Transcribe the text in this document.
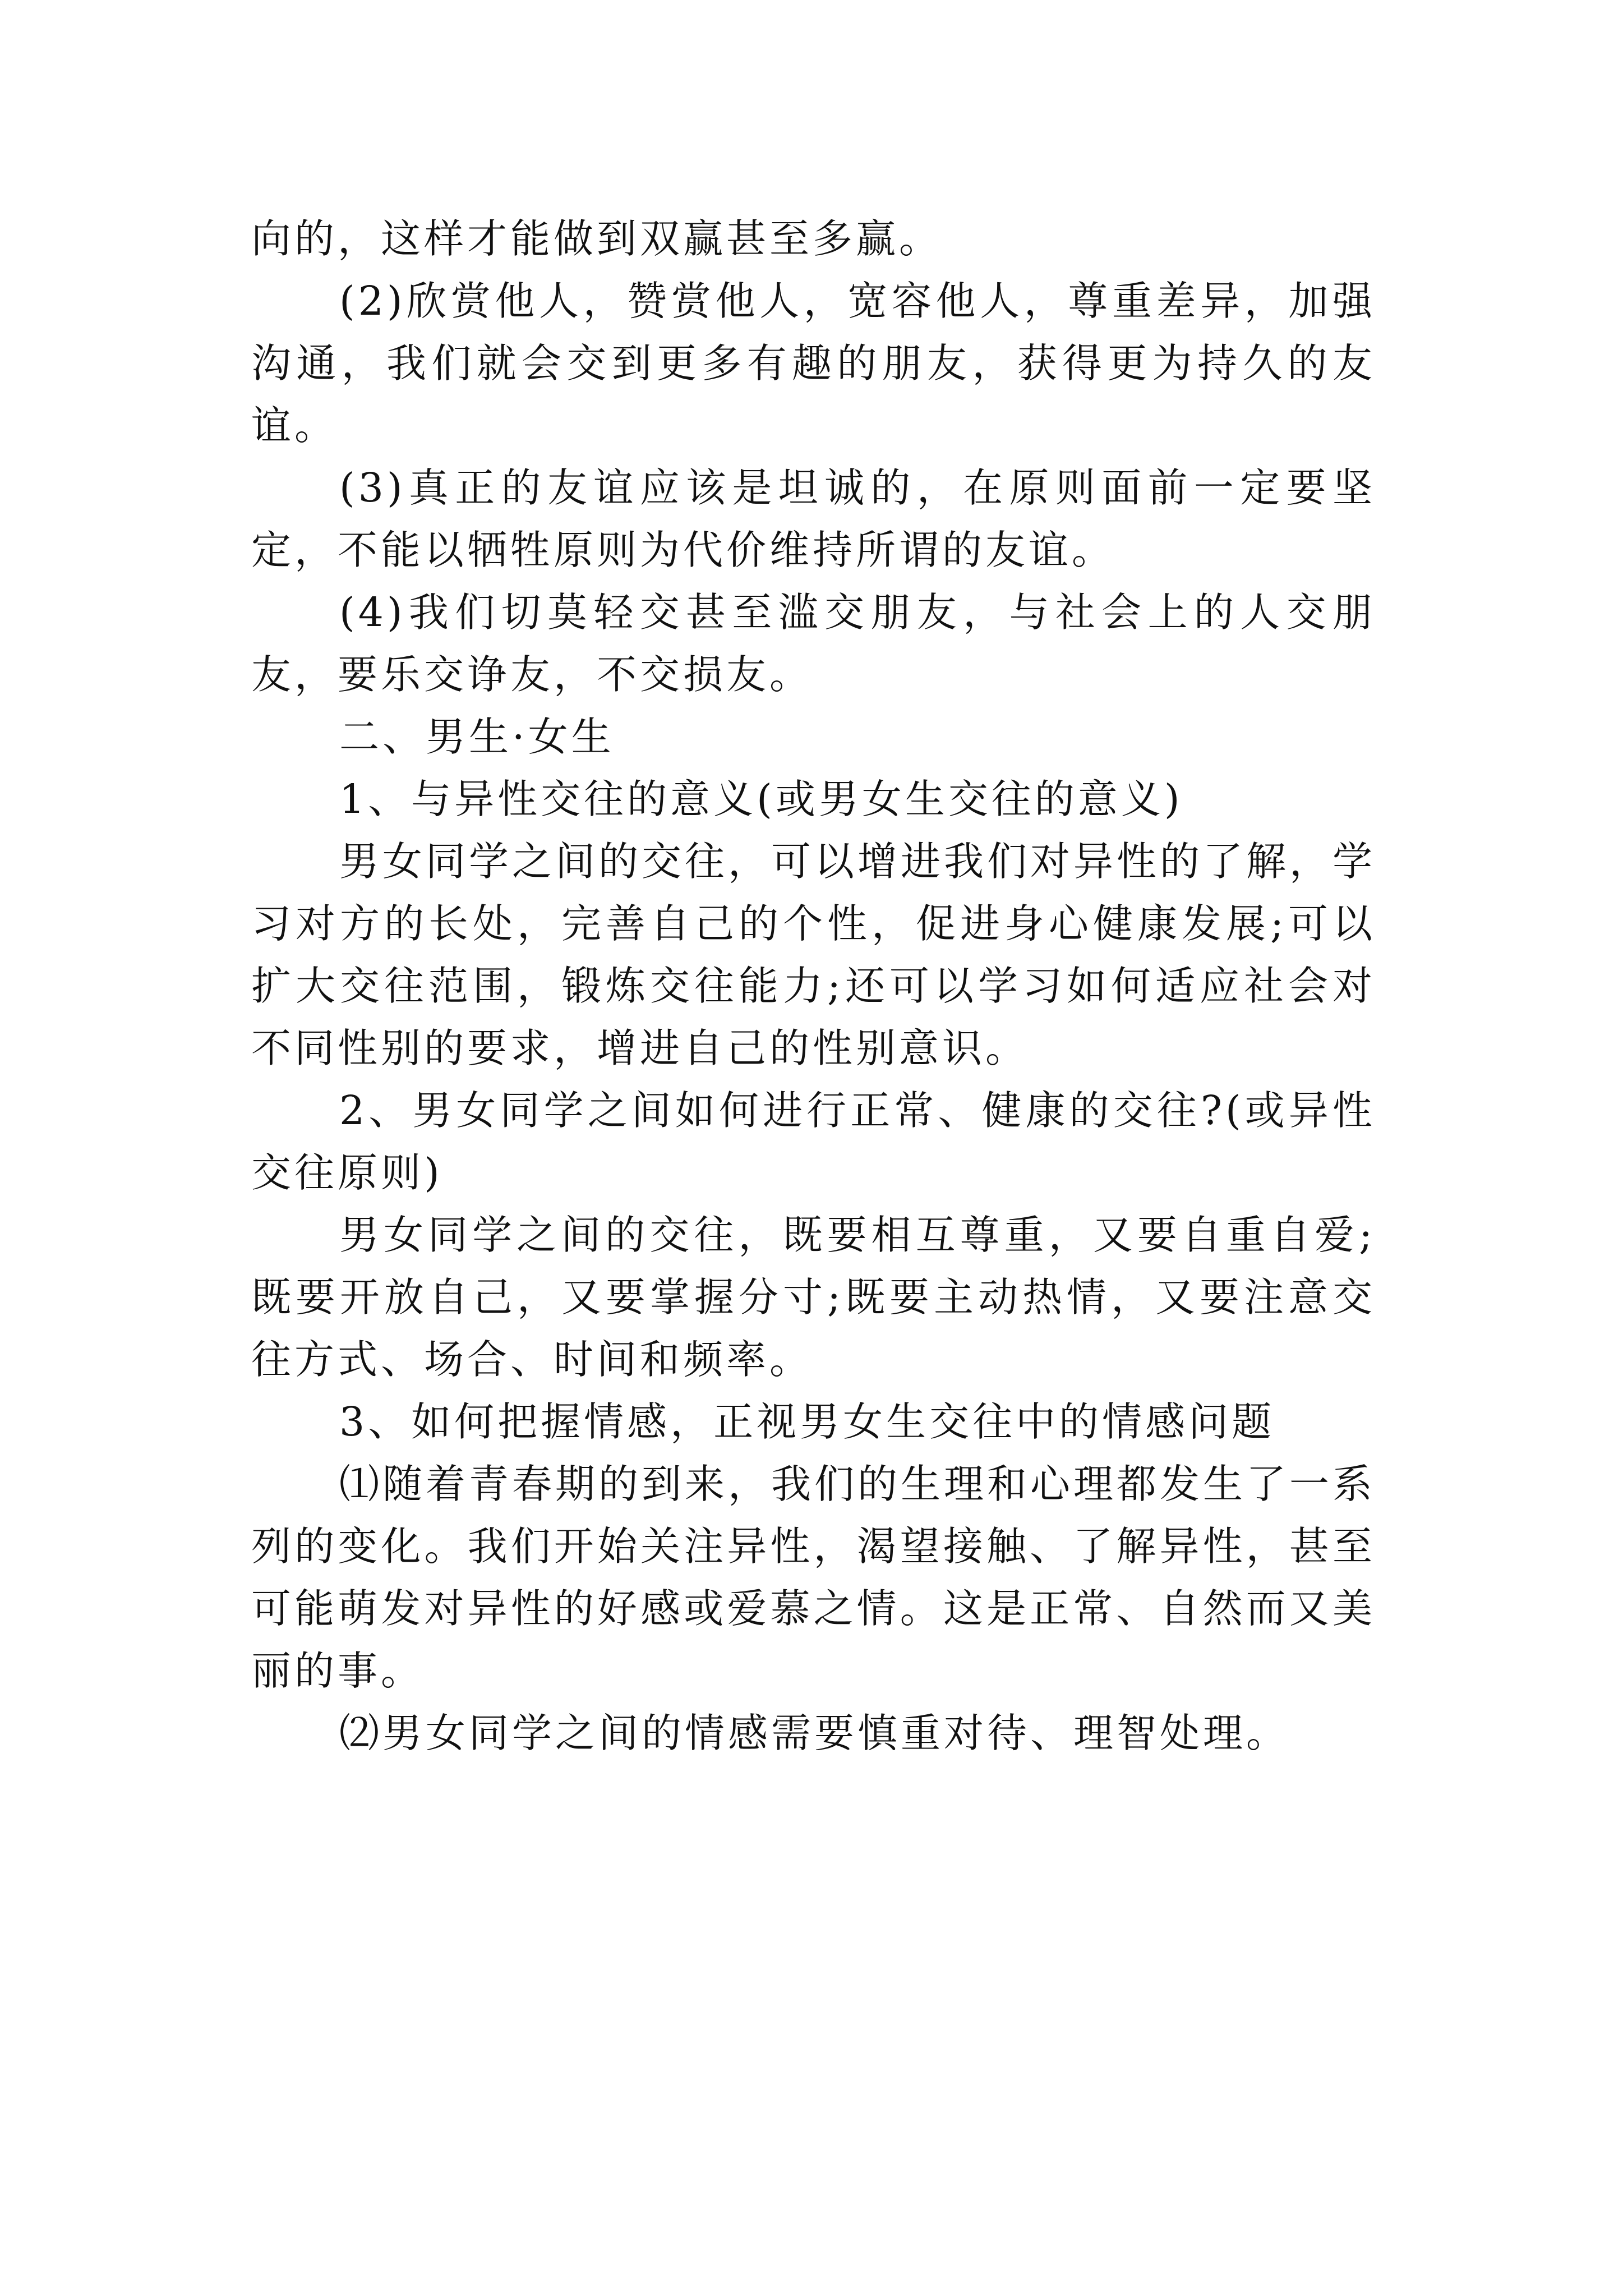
向的，这样才能做到双赢甚至多赢。

(2)欣赏他人，赞赏他人，宽容他人，尊重差异，加强沟通，我们就会交到更多有趣的朋友，获得更为持久的友谊。

(3)真正的友谊应该是坦诚的，在原则面前一定要坚定，不能以牺牲原则为代价维持所谓的友谊。

(4)我们切莫轻交甚至滥交朋友，与社会上的人交朋友，要乐交诤友，不交损友。

二、男生·女生

1、与异性交往的意义(或男女生交往的意义)

男女同学之间的交往，可以增进我们对异性的了解，学习对方的长处，完善自己的个性，促进身心健康发展;可以扩大交往范围，锻炼交往能力;还可以学习如何适应社会对不同性别的要求，增进自己的性别意识。

2、男女同学之间如何进行正常、健康的交往?(或异性交往原则)

男女同学之间的交往，既要相互尊重，又要自重自爱;既要开放自己，又要掌握分寸;既要主动热情，又要注意交往方式、场合、时间和频率。

3、如何把握情感，正视男女生交往中的情感问题

⑴随着青春期的到来，我们的生理和心理都发生了一系列的变化。我们开始关注异性，渴望接触、了解异性，甚至可能萌发对异性的好感或爱慕之情。这是正常、自然而又美丽的事。

⑵男女同学之间的情感需要慎重对待、理智处理。
